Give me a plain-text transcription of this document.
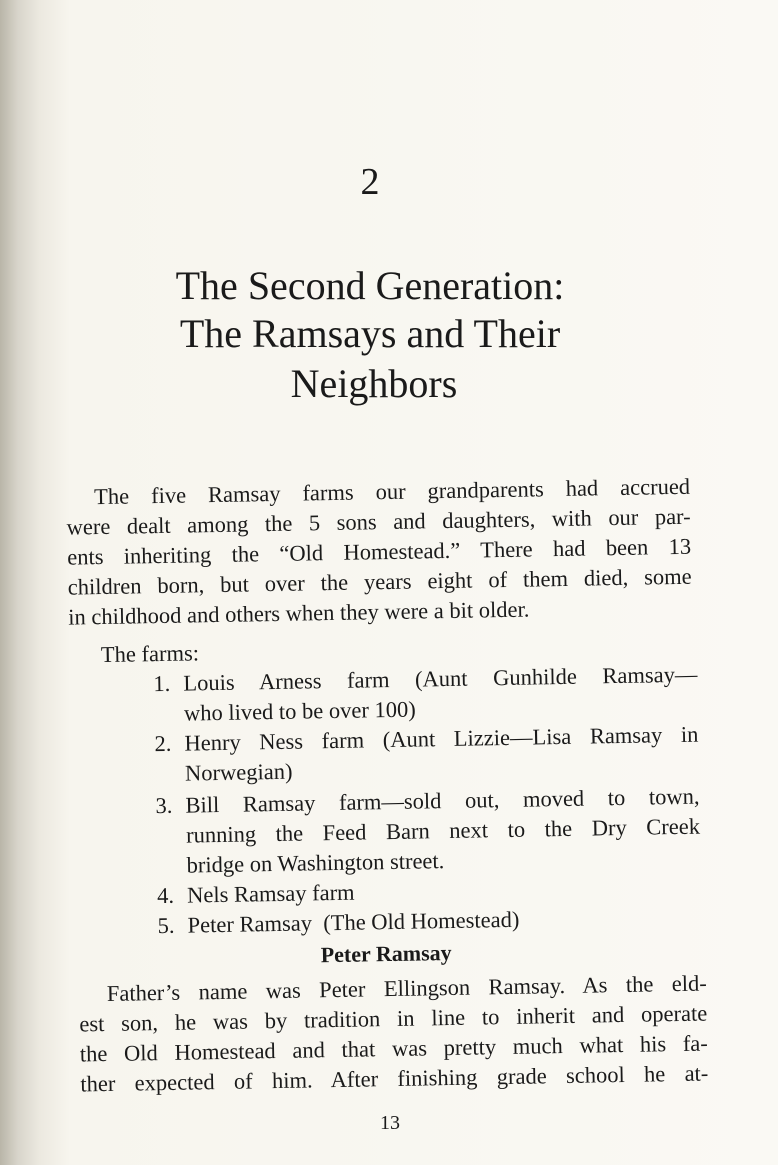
2
The Second Generation:
The Ramsays and Their
Neighbors
The five Ramsay farms our grandparents had accrued
were dealt among the 5 sons and daughters, with our par-
ents inheriting the “Old Homestead.” There had been 13
children born, but over the years eight of them died, some
in childhood and others when they were a bit older.
The farms:
1. Louis Arness farm (Aunt Gunhilde Ramsay—
who lived to be over 100)
2. Henry Ness farm (Aunt Lizzie—Lisa Ramsay in
Norwegian)
3. Bill Ramsay farm—sold out, moved to town,
running the Feed Barn next to the Dry Creek
bridge on Washington street.
4. Nels Ramsay farm
5. Peter Ramsay  (The Old Homestead)
Peter Ramsay
Father’s name was Peter Ellingson Ramsay. As the eld-
est son, he was by tradition in line to inherit and operate
the Old Homestead and that was pretty much what his fa-
ther expected of him. After finishing grade school he at-
13
